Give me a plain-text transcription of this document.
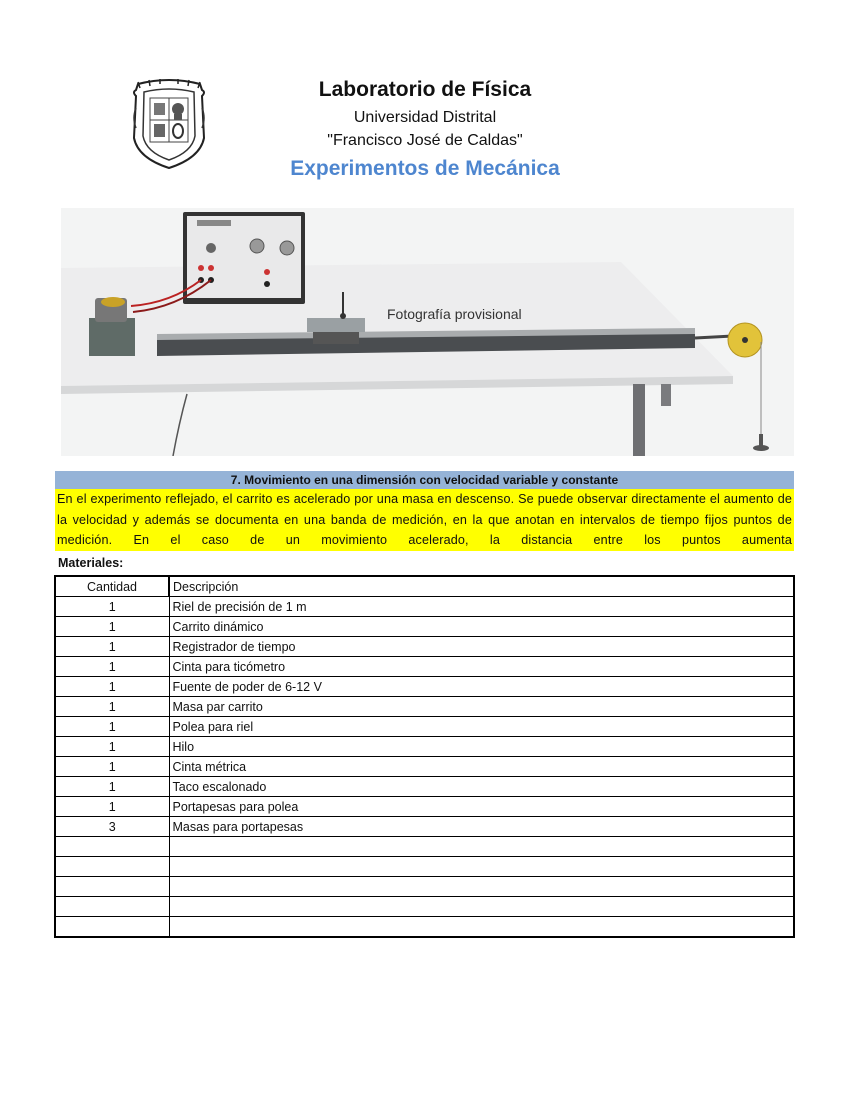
Laboratorio de Física
Universidad Distrital
"Francisco José de Caldas"
Experimentos de Mecánica
Fotografía provisional
7. Movimiento en una dimensión con velocidad variable y constante
En el experimento reflejado, el carrito es acelerado por una masa en descenso. Se puede observar directamente el aumento de la velocidad y además se documenta en una banda de medición, en la que anotan en intervalos de tiempo fijos puntos de medición. En el caso de un movimiento acelerado, la distancia entre los puntos aumenta
Materiales:
Cantidad	Descripción
1	Riel de precisión de 1 m
1	Carrito dinámico
1	Registrador de tiempo
1	Cinta para ticómetro
1	Fuente de poder de 6-12 V
1	Masa par carrito
1	Polea para riel
1	Hilo
1	Cinta métrica
1	Taco escalonado
1	Portapesas para polea
3	Masas para portapesas
